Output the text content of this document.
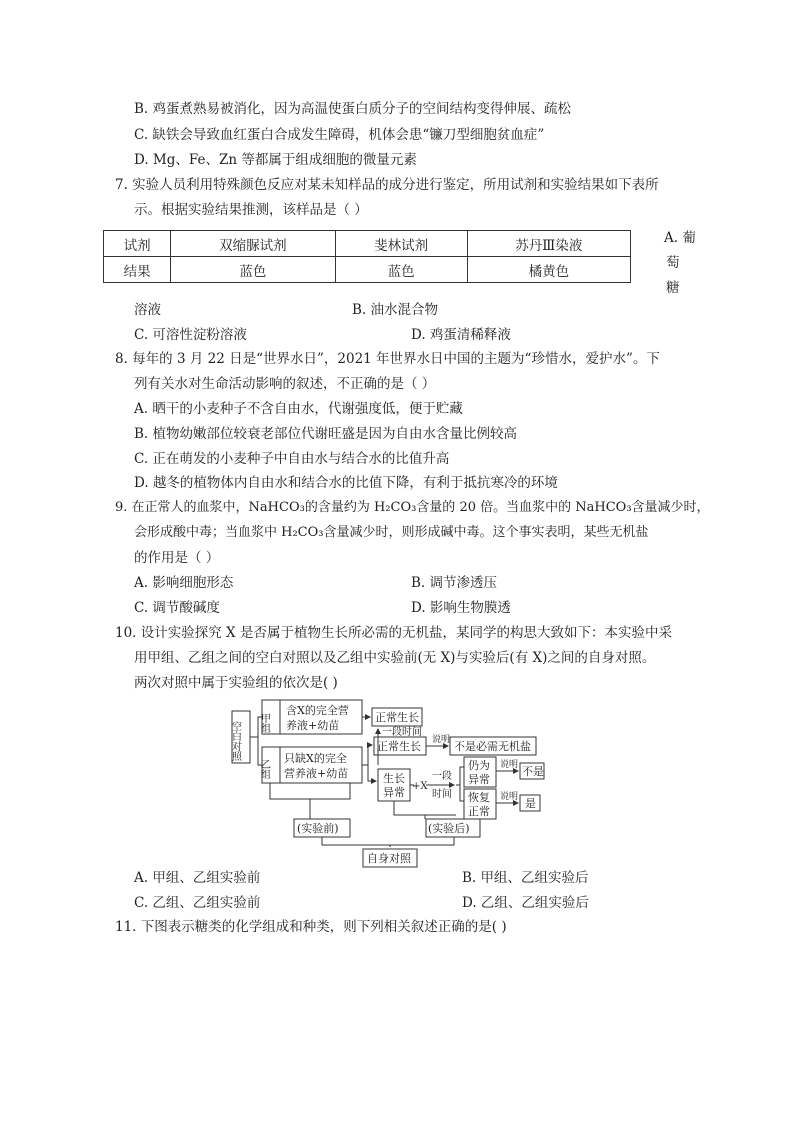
B. 鸡蛋煮熟易被消化，因为高温使蛋白质分子的空间结构变得伸展、疏松
C. 缺铁会导致血红蛋白合成发生障碍，机体会患“镰刀型细胞贫血症”
D. Mg、Fe、Zn 等都属于组成细胞的微量元素
7. 实验人员利用特殊颜色反应对某未知样品的成分进行鉴定，所用试剂和实验结果如下表所
示。根据实验结果推测，该样品是（ ）
试剂	双缩脲试剂	斐林试剂	苏丹Ⅲ染液
结果	蓝色	蓝色	橘黄色
A. 葡
萄
糖
溶液	B. 油水混合物
C. 可溶性淀粉溶液	D. 鸡蛋清稀释液
8. 每年的 3 月 22 日是“世界水日”，2021 年世界水日中国的主题为“珍惜水，爱护水”。下
列有关水对生命活动影响的叙述，不正确的是（ ）
A. 晒干的小麦种子不含自由水，代谢强度低，便于贮藏
B. 植物幼嫩部位较衰老部位代谢旺盛是因为自由水含量比例较高
C. 正在萌发的小麦种子中自由水与结合水的比值升高
D. 越冬的植物体内自由水和结合水的比值下降，有利于抵抗寒冷的环境
9. 在正常人的血浆中，NaHCO₃的含量约为 H₂CO₃含量的 20 倍。当血浆中的 NaHCO₃含量减少时，
会形成酸中毒；当血浆中 H₂CO₃含量减少时，则形成碱中毒。这个事实表明，某些无机盐
的作用是（ ）
A. 影响细胞形态	B. 调节渗透压
C. 调节酸碱度	D. 影响生物膜透
10. 设计实验探究 X 是否属于植物生长所必需的无机盐，某同学的构思大致如下：本实验中采
用甲组、乙组之间的空白对照以及乙组中实验前(无 X)与实验后(有 X)之间的自身对照。
两次对照中属于实验组的依次是( )
空白对照 甲组
含X的完全营
养液+幼苗
乙组
只缺X的完全
营养液+幼苗
正常生长
一段时间
正常生长 说明 不是必需无机盐
生长
异常 +X
一段
时间
仍为
异常
说明 不是
恢复
正常
说明 是
(实验前)	(实验后)
自身对照
A. 甲组、乙组实验前	B. 甲组、乙组实验后
C. 乙组、乙组实验前	D. 乙组、乙组实验后
11. 下图表示糖类的化学组成和种类，则下列相关叙述正确的是( )
